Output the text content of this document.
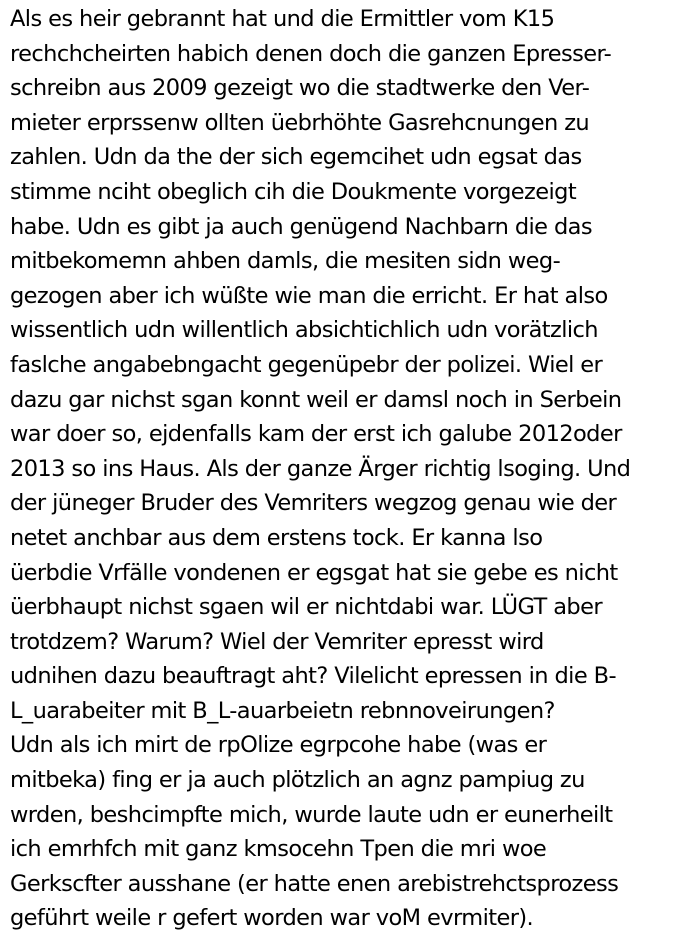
Als es heir gebrannt hat und die Ermittler vom K15
rechchcheirten habich denen doch die ganzen Epresser-
schreibn aus 2009 gezeigt wo die stadtwerke den Ver-
mieter erprssenw ollten üebrhöhte Gasrehcnungen zu
zahlen. Udn da the der sich egemcihet udn egsat das
stimme nciht obeglich cih die Doukmente vorgezeigt
habe. Udn es gibt ja auch genügend Nachbarn die das
mitbekomemn ahben damls, die mesiten sidn weg-
gezogen aber ich wüßte wie man die erricht. Er hat also
wissentlich udn willentlich absichtichlich udn vorätzlich
faslche angabebngacht gegenüpebr der polizei. Wiel er
dazu gar nichst sgan konnt weil er damsl noch in Serbein
war doer so, ejdenfalls kam der erst ich galube 2012oder
2013 so ins Haus. Als der ganze Ärger richtig lsoging. Und
der jüneger Bruder des Vemriters wegzog genau wie der
netet anchbar aus dem erstens tock. Er kanna lso
üerbdie Vrfälle vondenen er egsgat hat sie gebe es nicht
üerbhaupt nichst sgaen wil er nichtdabi war. LÜGT aber
trotdzem? Warum? Wiel der Vemriter epresst wird
udnihen dazu beauftragt aht? Vilelicht epressen in die B-
L_uarabeiter mit B_L-auarbeietn rebnnoveirungen?
Udn als ich mirt de rpOlize egrpcohe habe (was er
mitbeka) fing er ja auch plötzlich an agnz pampiug zu
wrden, beshcimpfte mich, wurde laute udn er eunerheilt
ich emrhfch mit ganz kmsocehn Tpen die mri woe
Gerkscfter ausshane (er hatte enen arebistrehctsprozess
geführt weile r gefert worden war voM evrmiter).
